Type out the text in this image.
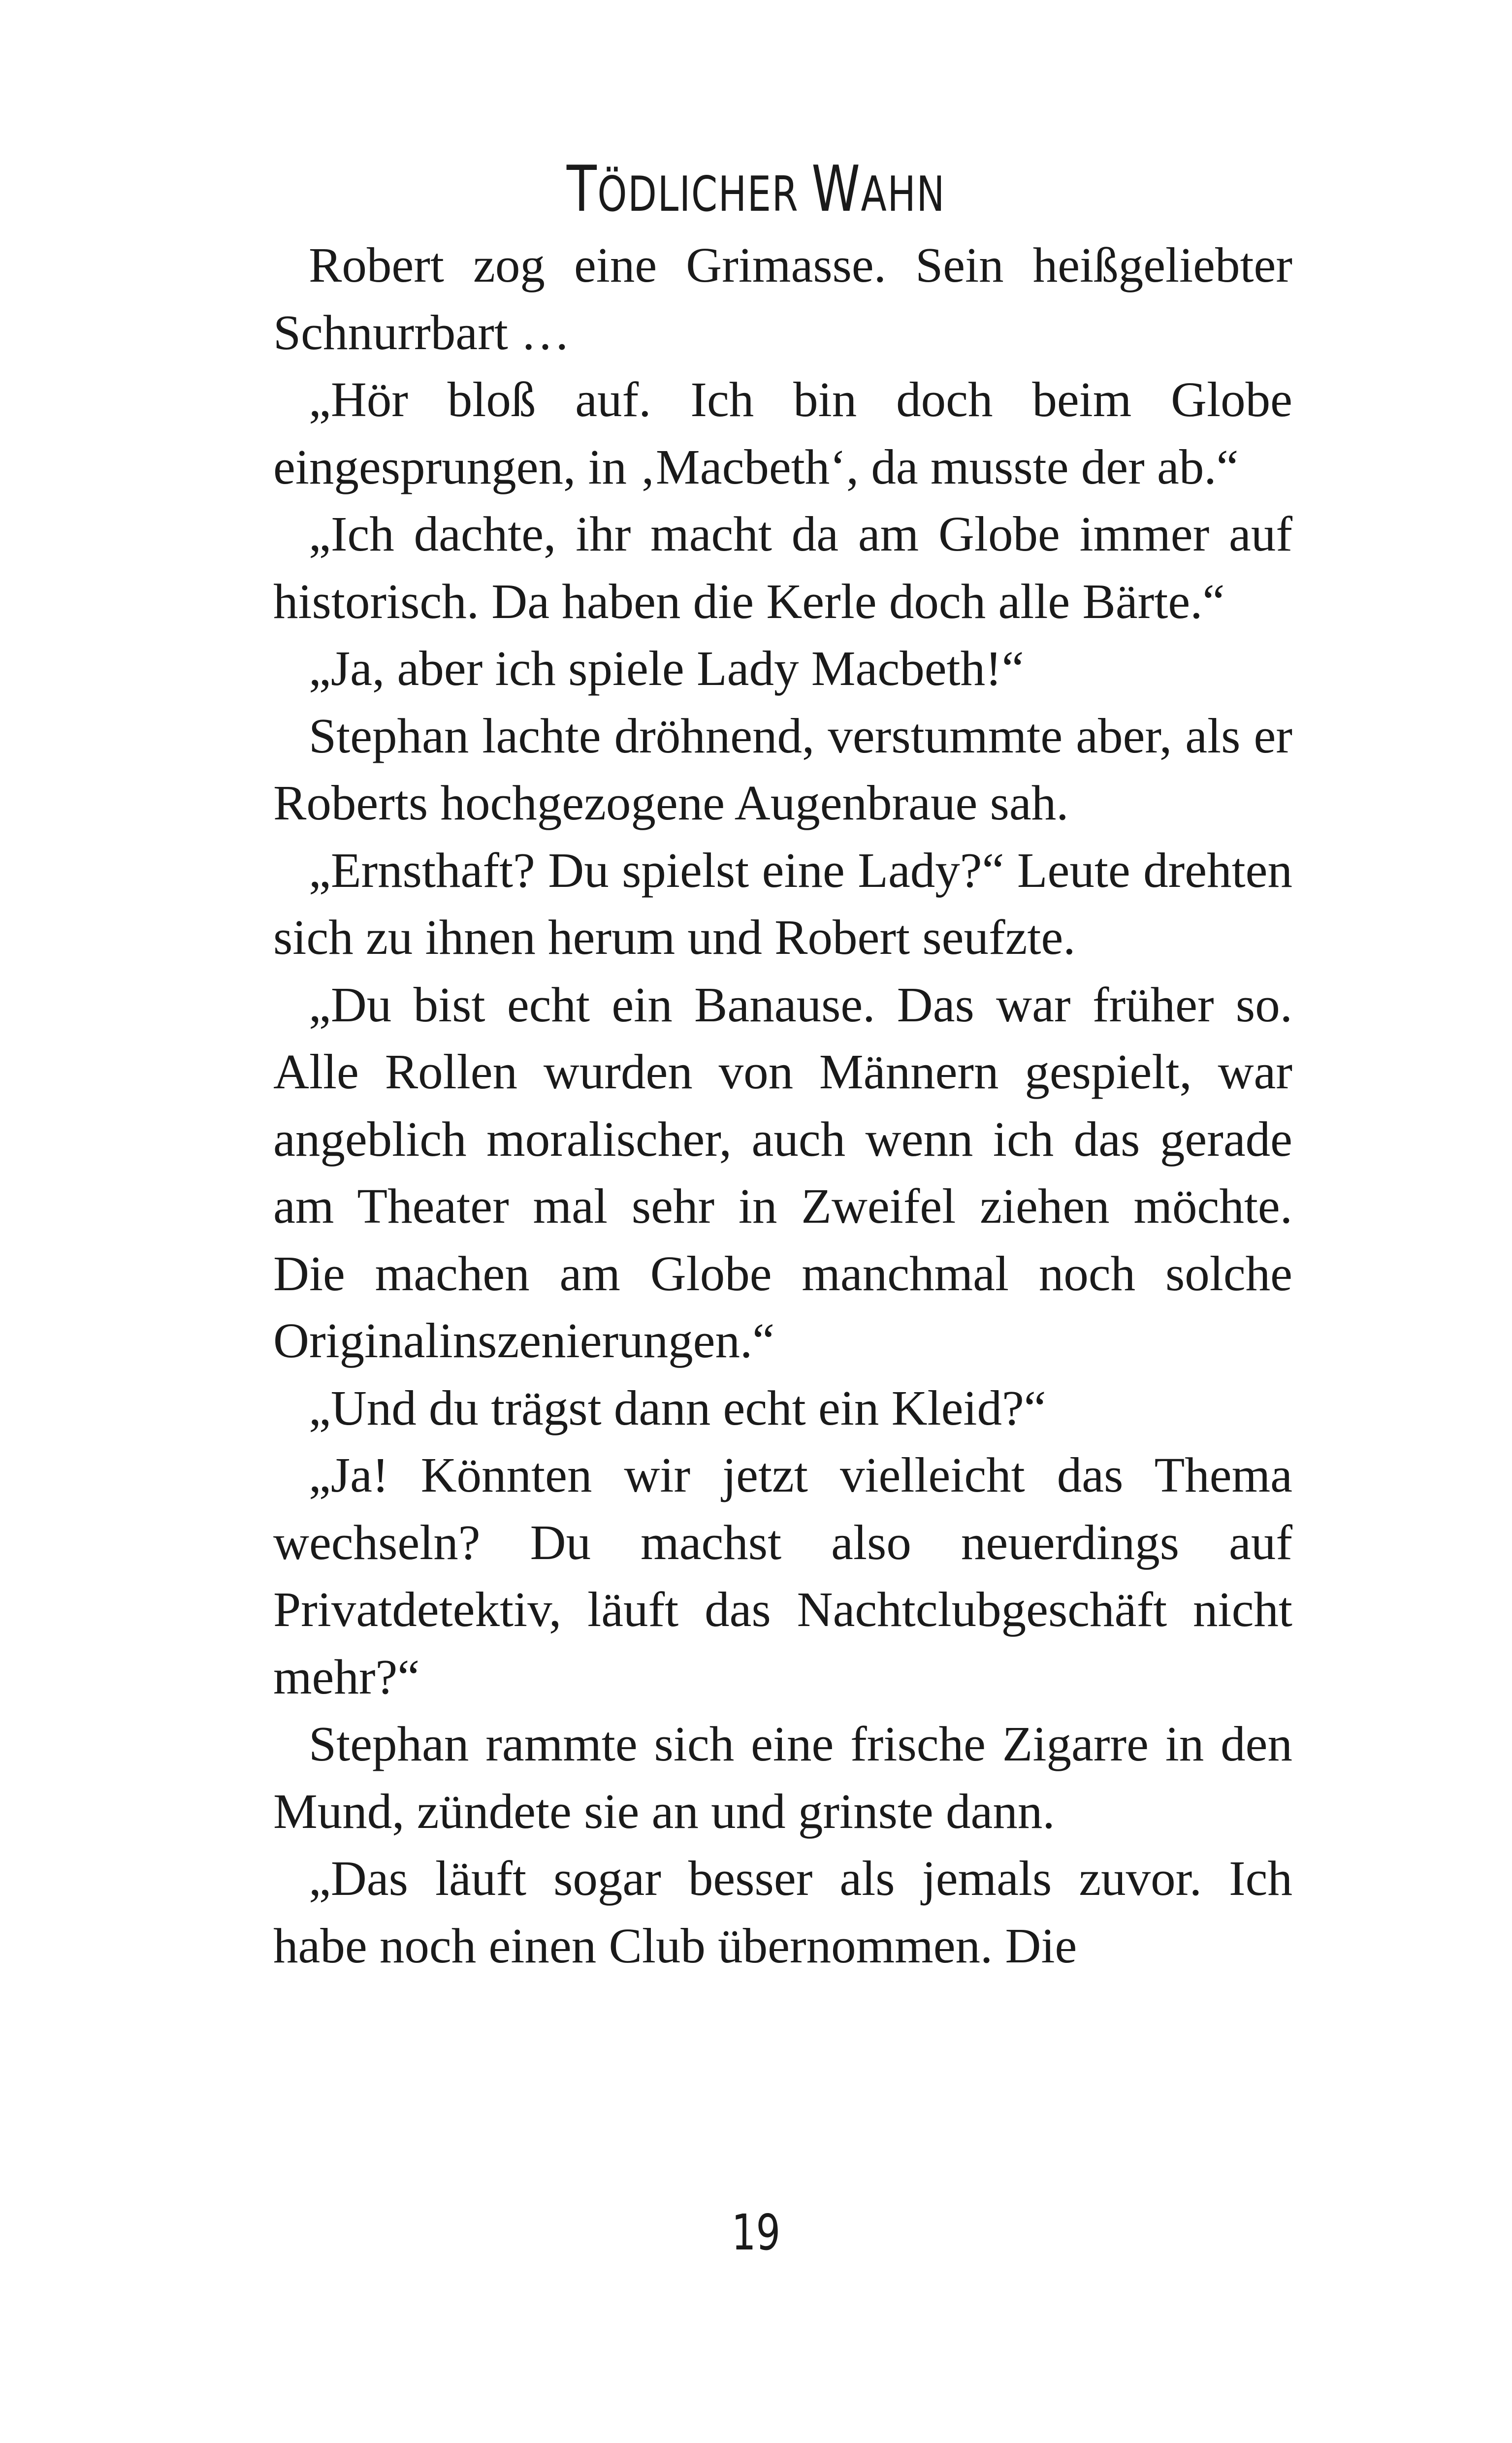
TÖDLICHER WAHN

Robert zog eine Grimasse. Sein heißgeliebter Schnurrbart …

„Hör bloß auf. Ich bin doch beim Globe eingesprungen, in ‚Macbeth‘, da musste der ab.“

„Ich dachte, ihr macht da am Globe immer auf historisch. Da haben die Kerle doch alle Bärte.“

„Ja, aber ich spiele Lady Macbeth!“

Stephan lachte dröhnend, verstummte aber, als er Roberts hochgezogene Augenbraue sah.

„Ernsthaft? Du spielst eine Lady?“ Leute drehten sich zu ihnen herum und Robert seufzte.

„Du bist echt ein Banause. Das war früher so. Alle Rollen wurden von Männern gespielt, war angeblich moralischer, auch wenn ich das gerade am Theater mal sehr in Zweifel ziehen möchte. Die machen am Globe manchmal noch solche Originalinszenierungen.“

„Und du trägst dann echt ein Kleid?“

„Ja! Könnten wir jetzt vielleicht das Thema wechseln? Du machst also neuerdings auf Privatdetektiv, läuft das Nachtclubgeschäft nicht mehr?“

Stephan rammte sich eine frische Zigarre in den Mund, zündete sie an und grinste dann.

„Das läuft sogar besser als jemals zuvor. Ich habe noch einen Club übernommen. Die

19
